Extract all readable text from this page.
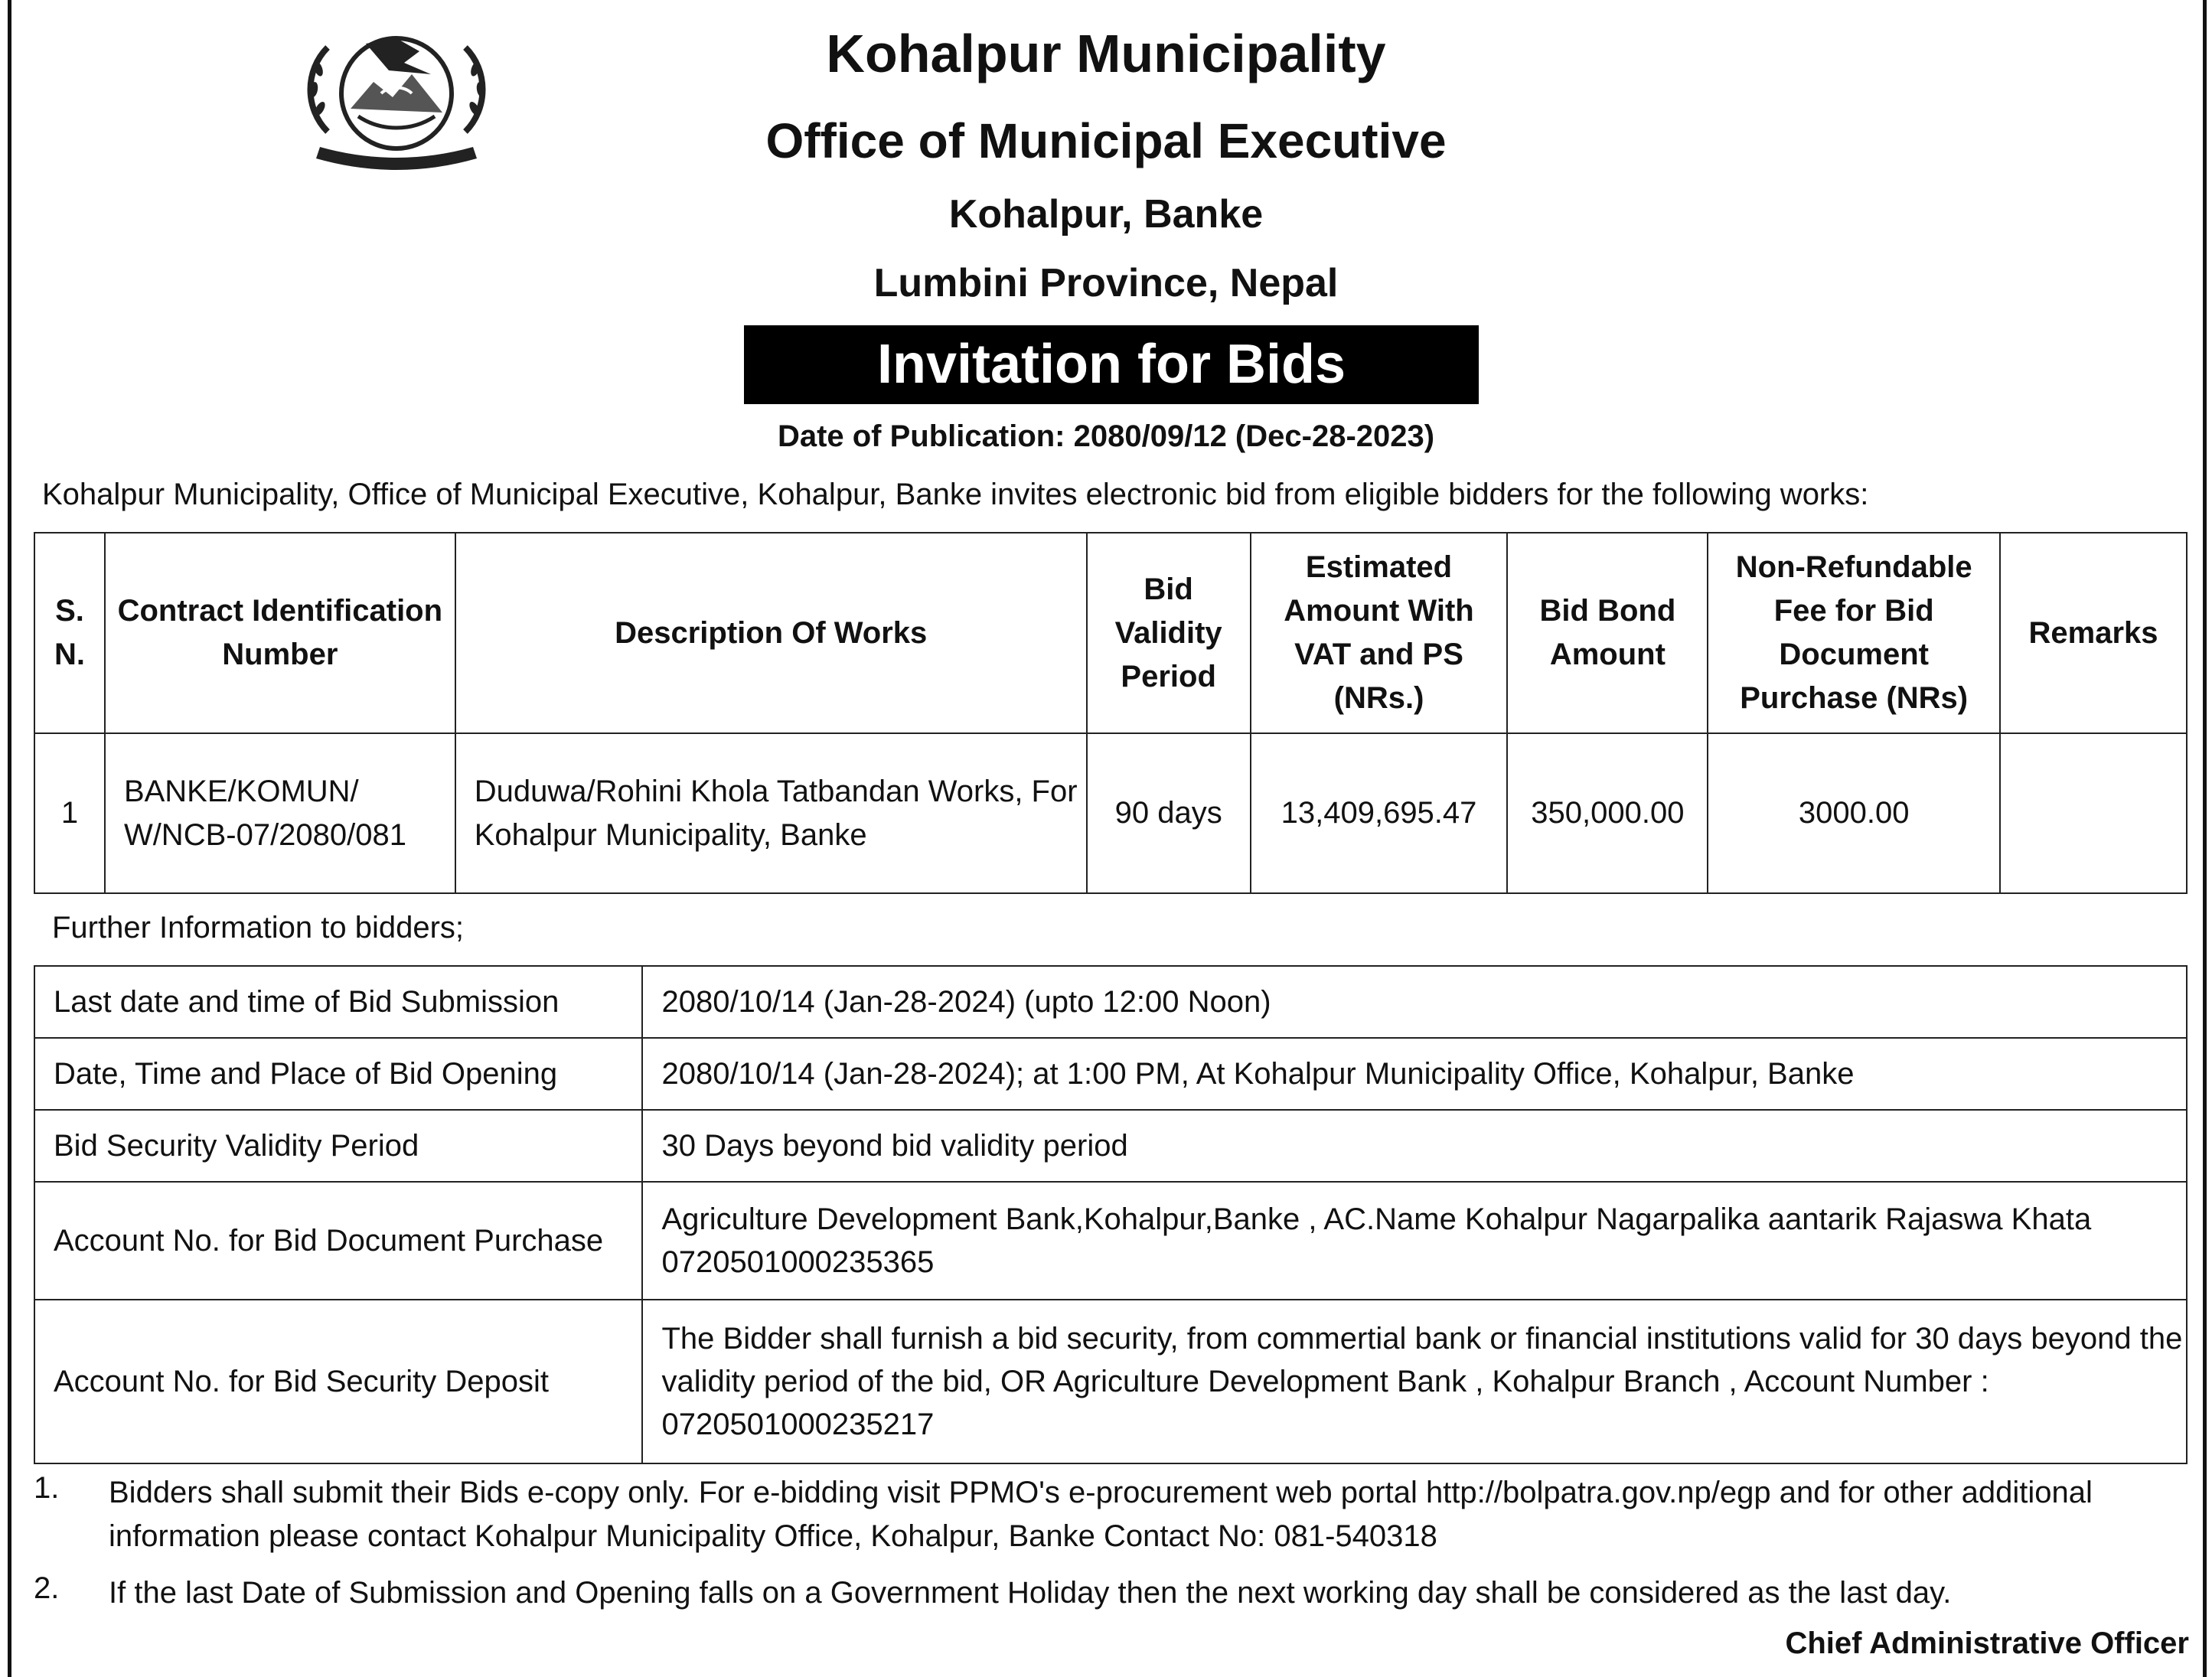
Kohalpur Municipality
Office of Municipal Executive
Kohalpur, Banke
Lumbini Province, Nepal
Invitation for Bids
Date of Publication: 2080/09/12 (Dec-28-2023)
Kohalpur Municipality, Office of Municipal Executive, Kohalpur, Banke invites electronic bid from eligible bidders for the following works:
S. N.	Contract Identification Number	Description Of Works	Bid Validity Period	Estimated Amount With VAT and PS (NRs.)	Bid Bond Amount	Non-Refundable Fee for Bid Document Purchase (NRs)	Remarks
1	BANKE/KOMUN/ W/NCB-07/2080/081	Duduwa/Rohini Khola Tatbandan Works, For Kohalpur Municipality, Banke	90 days	13,409,695.47	350,000.00	3000.00	
Further Information to bidders;
Last date and time of Bid Submission	2080/10/14 (Jan-28-2024) (upto 12:00 Noon)
Date, Time and Place of Bid Opening	2080/10/14 (Jan-28-2024); at 1:00 PM, At Kohalpur Municipality Office, Kohalpur, Banke
Bid Security Validity Period	30 Days beyond bid validity period
Account No. for Bid Document Purchase	Agriculture Development Bank,Kohalpur,Banke , AC.Name Kohalpur Nagarpalika aantarik Rajaswa Khata 0720501000235365
Account No. for Bid Security Deposit	The Bidder shall furnish a bid security, from commertial bank or financial institutions valid for 30 days beyond the validity period of the bid, OR Agriculture Development Bank , Kohalpur Branch , Account Number : 0720501000235217
1. Bidders shall submit their Bids e-copy only. For e-bidding visit PPMO's e-procurement web portal http://bolpatra.gov.np/egp and for other additional information please contact Kohalpur Municipality Office, Kohalpur, Banke Contact No: 081-540318
2. If the last Date of Submission and Opening falls on a Government Holiday then the next working day shall be considered as the last day.
Chief Administrative Officer
